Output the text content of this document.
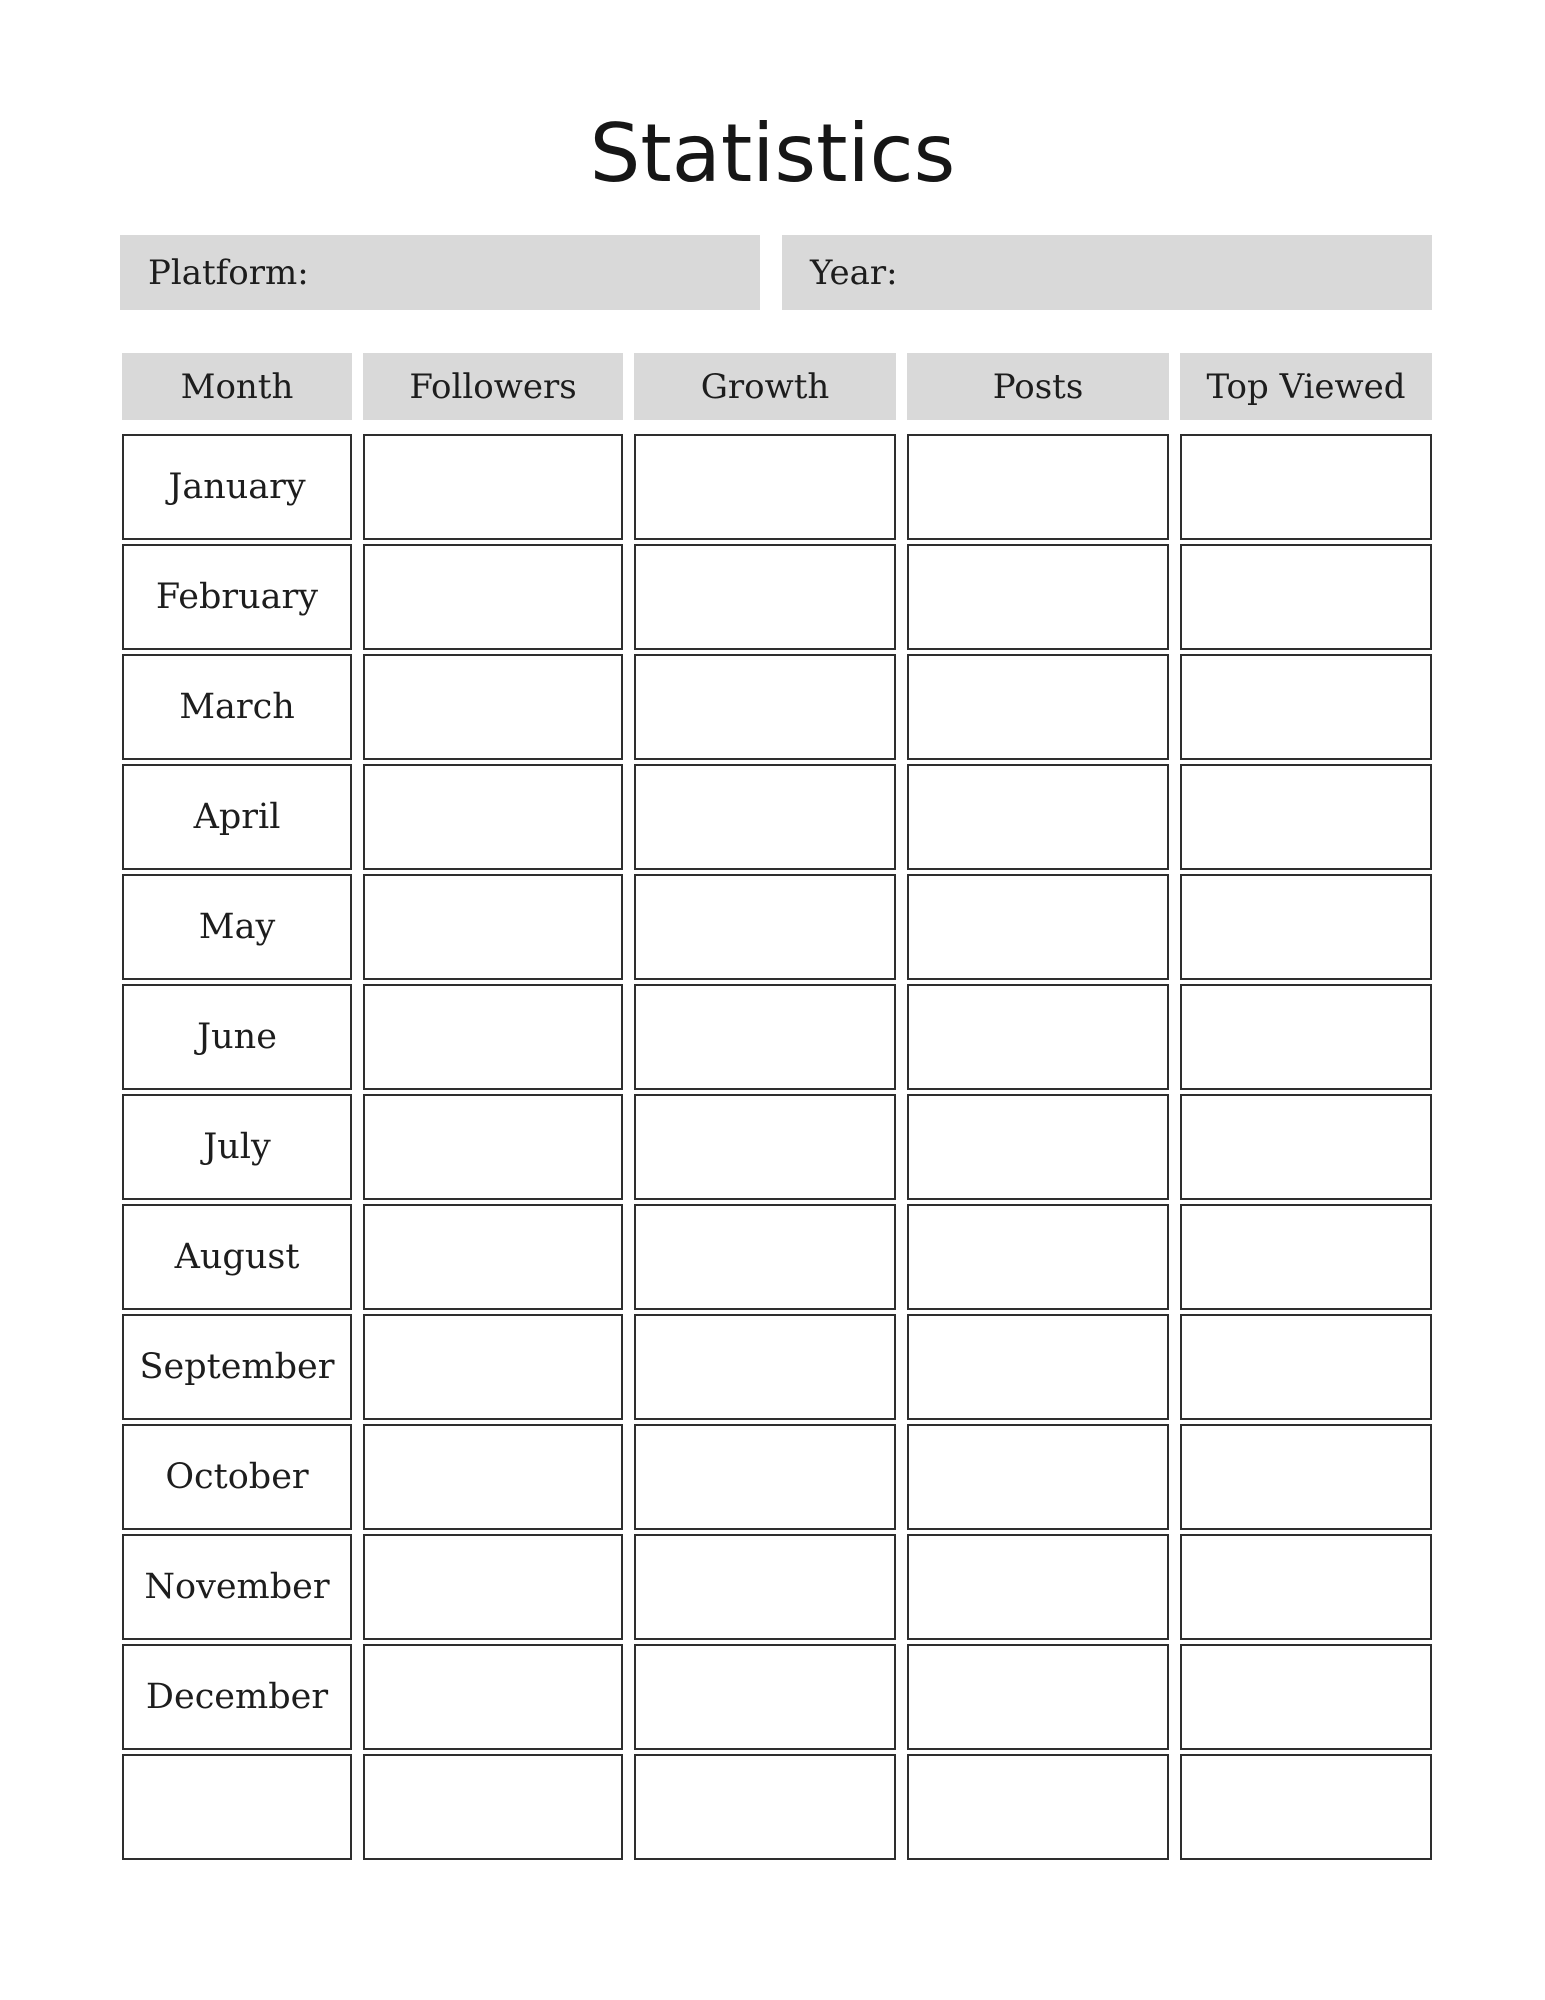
Statistics
Platform:	Year:
Month	Followers	Growth	Posts	Top Viewed
January
February
March
April
May
June
July
August
September
October
November
December
